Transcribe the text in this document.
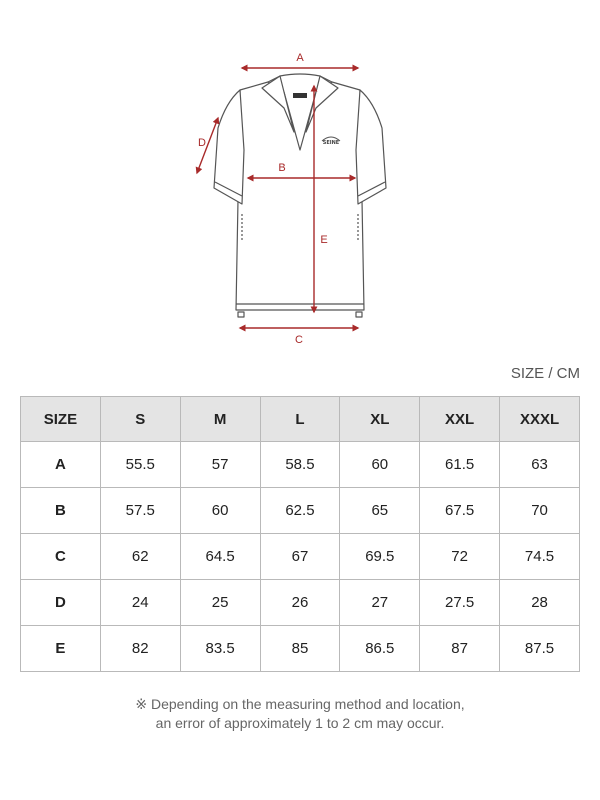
SEINE
A
B
C
D
E
SIZE / CM
SIZE	S	M	L	XL	XXL	XXXL
A	55.5	57	58.5	60	61.5	63
B	57.5	60	62.5	65	67.5	70
C	62	64.5	67	69.5	72	74.5
D	24	25	26	27	27.5	28
E	82	83.5	85	86.5	87	87.5
※ Depending on the measuring method and location,
an error of approximately 1 to 2 cm may occur.
